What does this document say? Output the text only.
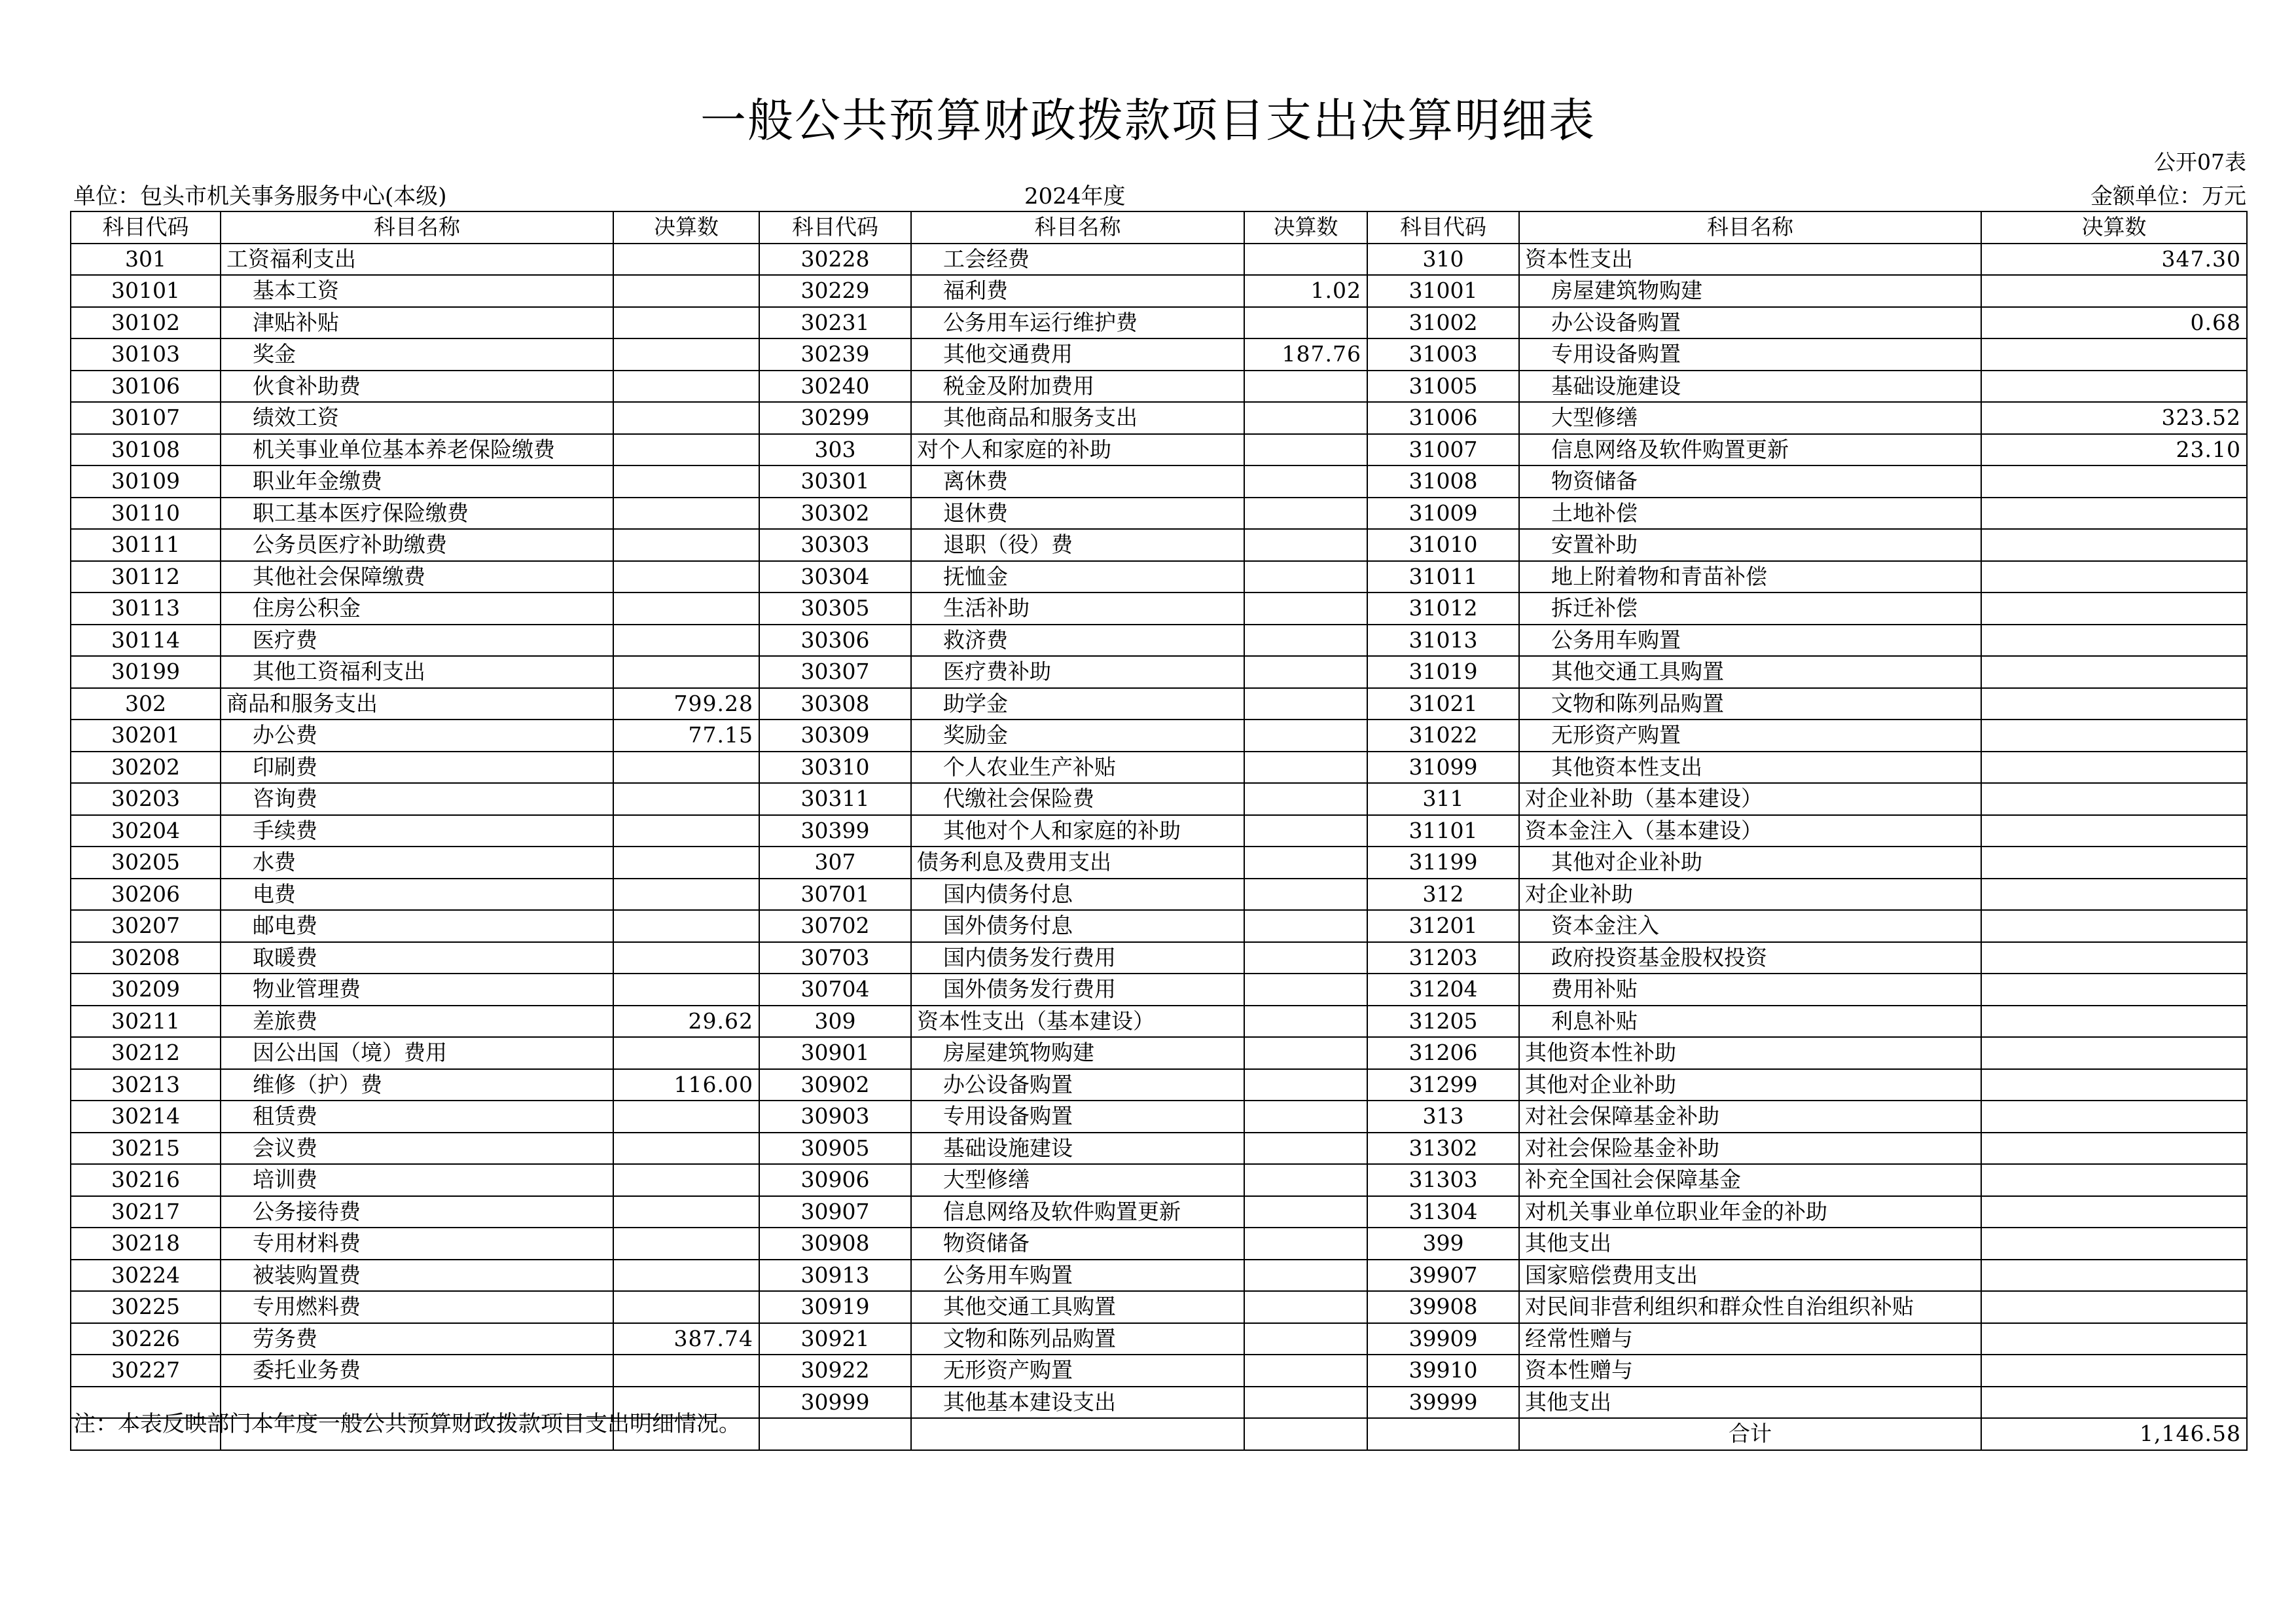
一般公共预算财政拨款项目支出决算明细表
公开07表
单位：包头市机关事务服务中心(本级)	2024年度	金额单位：万元
科目代码	科目名称	决算数	科目代码	科目名称	决算数	科目代码	科目名称	决算数
301	工资福利支出		30228	工会经费		310	资本性支出	347.30
30101	基本工资		30229	福利费	1.02	31001	房屋建筑物购建	
30102	津贴补贴		30231	公务用车运行维护费		31002	办公设备购置	0.68
30103	奖金		30239	其他交通费用	187.76	31003	专用设备购置	
30106	伙食补助费		30240	税金及附加费用		31005	基础设施建设	
30107	绩效工资		30299	其他商品和服务支出		31006	大型修缮	323.52
30108	机关事业单位基本养老保险缴费		303	对个人和家庭的补助		31007	信息网络及软件购置更新	23.10
30109	职业年金缴费		30301	离休费		31008	物资储备	
30110	职工基本医疗保险缴费		30302	退休费		31009	土地补偿	
30111	公务员医疗补助缴费		30303	退职（役）费		31010	安置补助	
30112	其他社会保障缴费		30304	抚恤金		31011	地上附着物和青苗补偿	
30113	住房公积金		30305	生活补助		31012	拆迁补偿	
30114	医疗费		30306	救济费		31013	公务用车购置	
30199	其他工资福利支出		30307	医疗费补助		31019	其他交通工具购置	
302	商品和服务支出	799.28	30308	助学金		31021	文物和陈列品购置	
30201	办公费	77.15	30309	奖励金		31022	无形资产购置	
30202	印刷费		30310	个人农业生产补贴		31099	其他资本性支出	
30203	咨询费		30311	代缴社会保险费		311	对企业补助（基本建设）	
30204	手续费		30399	其他对个人和家庭的补助		31101	资本金注入（基本建设）	
30205	水费		307	债务利息及费用支出		31199	其他对企业补助	
30206	电费		30701	国内债务付息		312	对企业补助	
30207	邮电费		30702	国外债务付息		31201	资本金注入	
30208	取暖费		30703	国内债务发行费用		31203	政府投资基金股权投资	
30209	物业管理费		30704	国外债务发行费用		31204	费用补贴	
30211	差旅费	29.62	309	资本性支出（基本建设）		31205	利息补贴	
30212	因公出国（境）费用		30901	房屋建筑物购建		31206	其他资本性补助	
30213	维修（护）费	116.00	30902	办公设备购置		31299	其他对企业补助	
30214	租赁费		30903	专用设备购置		313	对社会保障基金补助	
30215	会议费		30905	基础设施建设		31302	对社会保险基金补助	
30216	培训费		30906	大型修缮		31303	补充全国社会保障基金	
30217	公务接待费		30907	信息网络及软件购置更新		31304	对机关事业单位职业年金的补助	
30218	专用材料费		30908	物资储备		399	其他支出	
30224	被装购置费		30913	公务用车购置		39907	国家赔偿费用支出	
30225	专用燃料费		30919	其他交通工具购置		39908	对民间非营利组织和群众性自治组织补贴	
30226	劳务费	387.74	30921	文物和陈列品购置		39909	经常性赠与	
30227	委托业务费		30922	无形资产购置		39910	资本性赠与	
			30999	其他基本建设支出		39999	其他支出	
							合计	1,146.58
注：本表反映部门本年度一般公共预算财政拨款项目支出明细情况。
